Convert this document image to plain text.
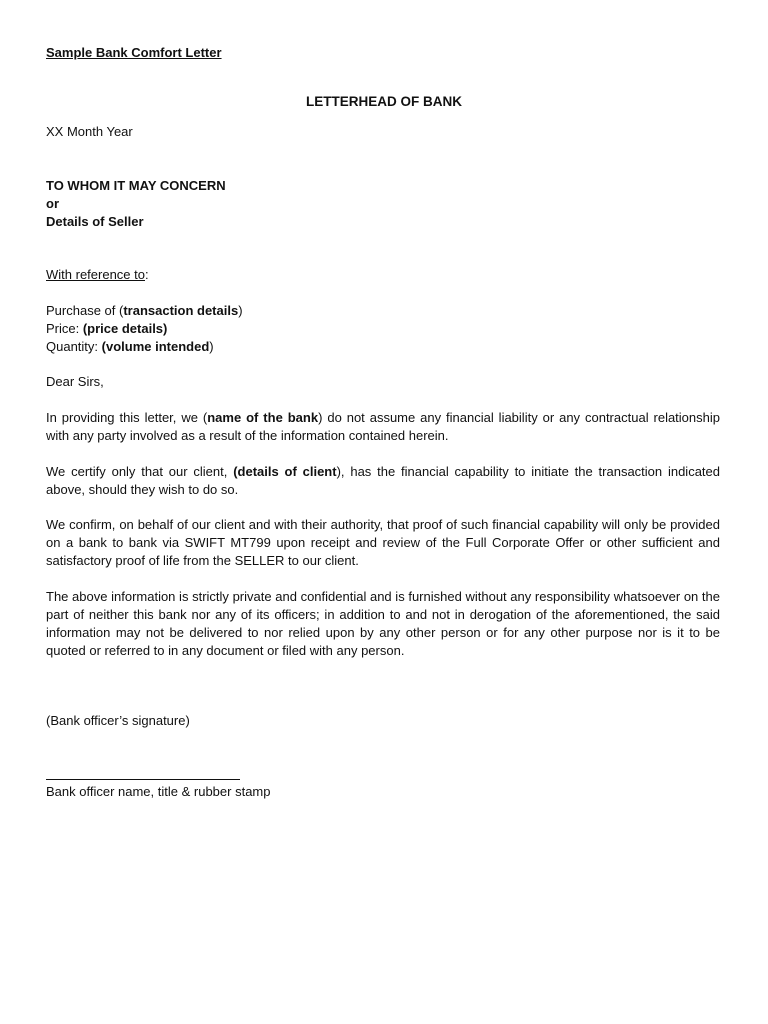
Sample Bank Comfort Letter
LETTERHEAD OF BANK
XX Month Year
TO WHOM IT MAY CONCERN
or
Details of Seller
With reference to:
Purchase of (transaction details)
Price: (price details)
Quantity: (volume intended)
Dear Sirs,
In providing this letter, we (name of the bank) do not assume any financial liability or any contractual relationship with any party involved as a result of the information contained herein.
We certify only that our client, (details of client), has the financial capability to initiate the transaction indicated above, should they wish to do so.
We confirm, on behalf of our client and with their authority, that proof of such financial capability will only be provided on a bank to bank via SWIFT MT799 upon receipt and review of the Full Corporate Offer or other sufficient and satisfactory proof of life from the SELLER to our client.
The above information is strictly private and confidential and is furnished without any responsibility whatsoever on the part of neither this bank nor any of its officers; in addition to and not in derogation of the aforementioned, the said information may not be delivered to nor relied upon by any other person or for any other purpose nor is it to be quoted or referred to in any document or filed with any person.
(Bank officer’s signature)
Bank officer name, title & rubber stamp
